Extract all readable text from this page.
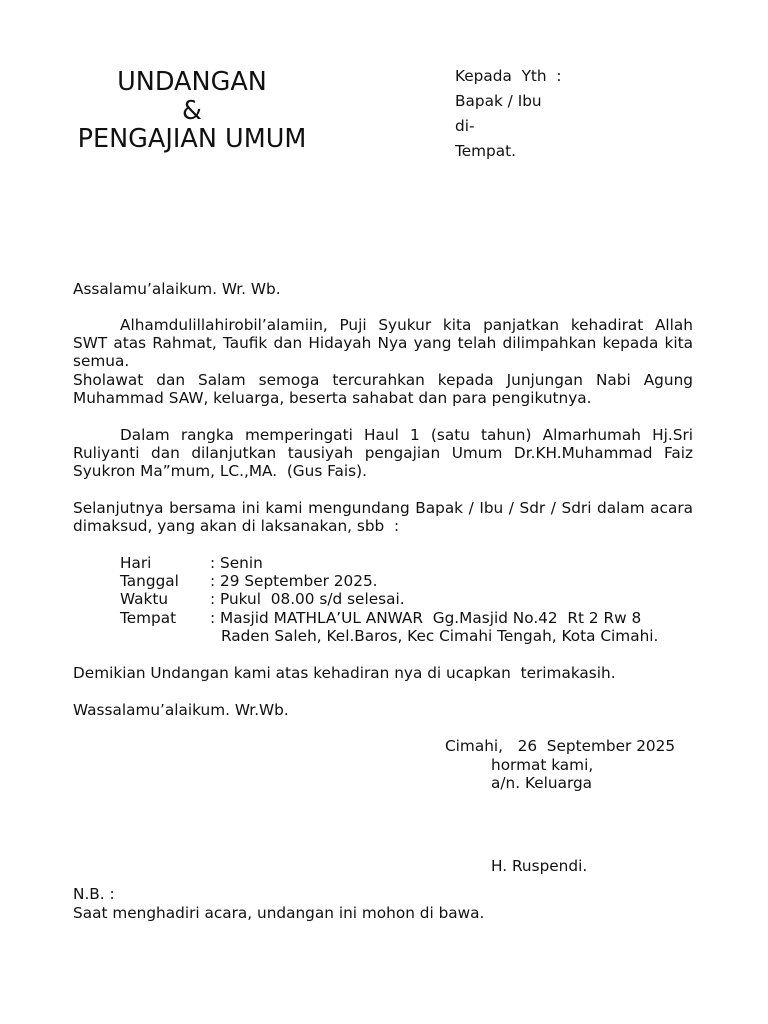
UNDANGAN
&
PENGAJIAN UMUM
Kepada  Yth  :
Bapak / Ibu
di-
Tempat.
Assalamu’alaikum. Wr. Wb.
Alhamdulillahirobil’alamiin, Puji Syukur kita panjatkan kehadirat Allah
SWT atas Rahmat, Taufik dan Hidayah Nya yang telah dilimpahkan kepada kita
semua.
Sholawat dan Salam semoga tercurahkan kepada Junjungan Nabi Agung
Muhammad SAW, keluarga, beserta sahabat dan para pengikutnya.
Dalam rangka memperingati Haul 1 (satu tahun) Almarhumah Hj.Sri
Ruliyanti dan dilanjutkan tausiyah pengajian Umum Dr.KH.Muhammad Faiz
Syukron Ma”mum, LC.,MA.  (Gus Fais).
Selanjutnya bersama ini kami mengundang Bapak / Ibu / Sdr / Sdri dalam acara
dimaksud, yang akan di laksanakan, sbb  :
Hari	: Senin
Tanggal	: 29 September 2025.
Waktu	: Pukul  08.00 s/d selesai.
Tempat	: Masjid MATHLA’UL ANWAR  Gg.Masjid No.42  Rt 2 Rw 8
Raden Saleh, Kel.Baros, Kec Cimahi Tengah, Kota Cimahi.
Demikian Undangan kami atas kehadiran nya di ucapkan  terimakasih.
Wassalamu’alaikum. Wr.Wb.
Cimahi,   26  September 2025
hormat kami,
a/n. Keluarga
H. Ruspendi.
N.B. :
Saat menghadiri acara, undangan ini mohon di bawa.
